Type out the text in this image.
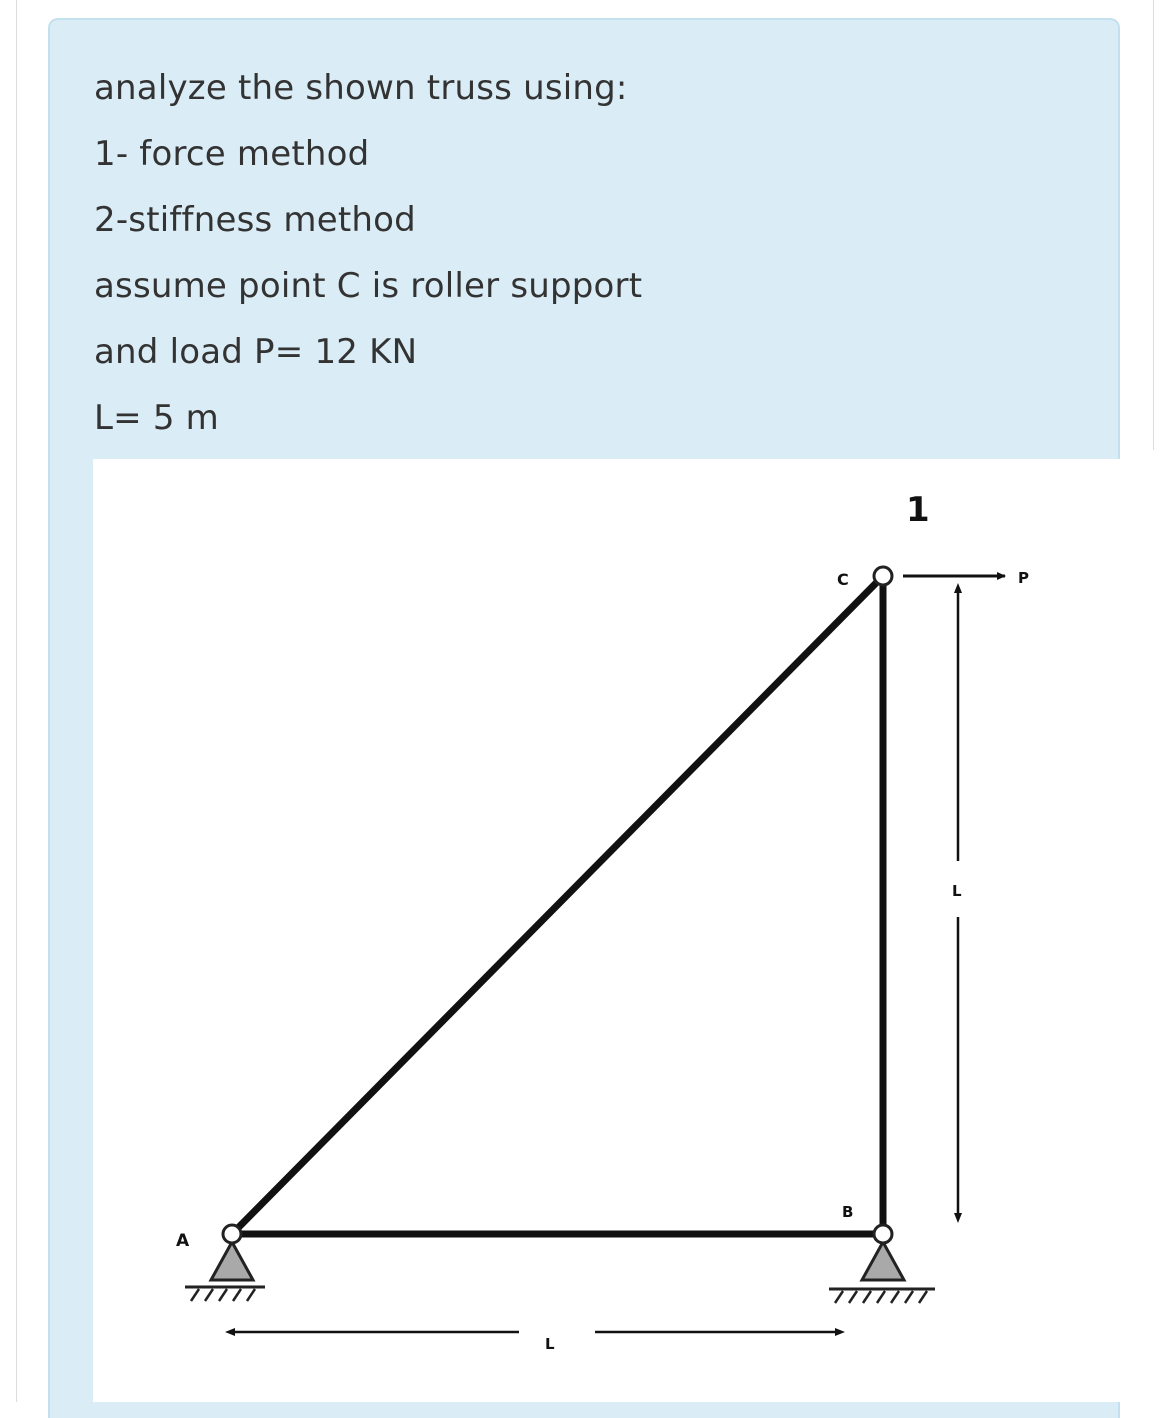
analyze the shown truss using:
1- force method
2-stiffness method
assume point C is roller support
and load P= 12 KN
L= 5 m
1
A
B
C	P
L
L
